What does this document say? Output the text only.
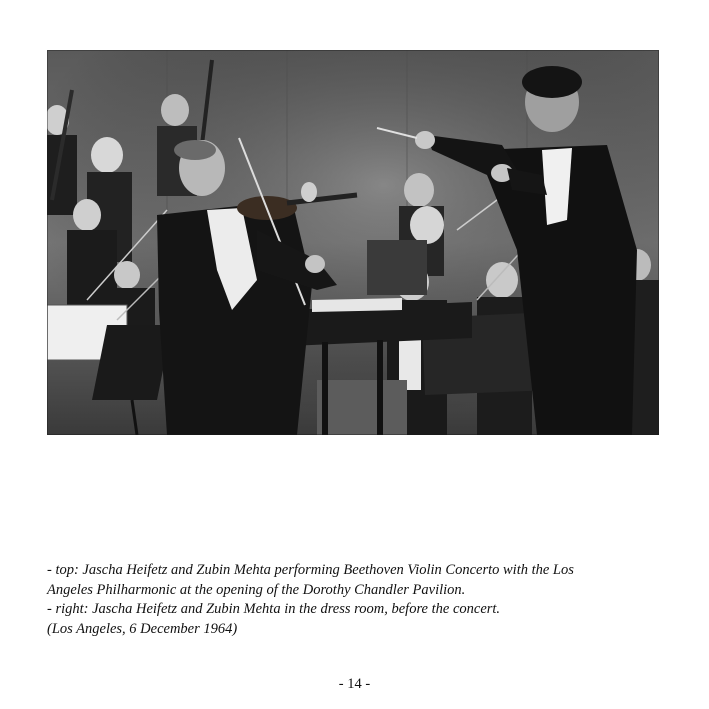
- top: Jascha Heifetz and Zubin Mehta performing Beethoven Violin Concerto with the Los
Angeles Philharmonic at the opening of the Dorothy Chandler Pavilion.
- right: Jascha Heifetz and Zubin Mehta in the dress room, before the concert.
(Los Angeles, 6 December 1964)
- 14 -
